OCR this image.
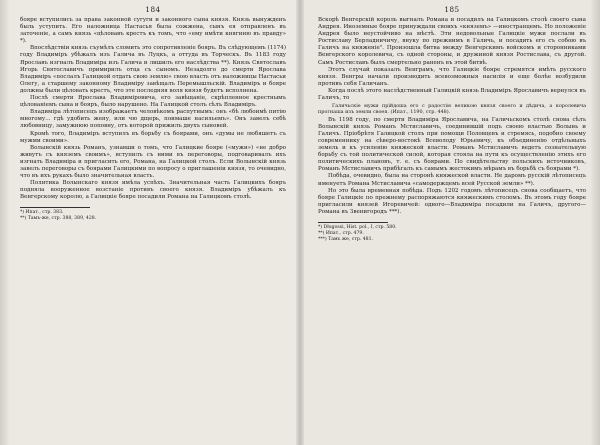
184

бояре вступились за права законной сугуги и законного сына князя. Князь вынужденъ быль уступить. Его наложница Настасья была сожжена, сынъ ея отправленъ въ заточеніе, а самъ князь «цѣловавъ крестъ къ томъ, что «ему имѣти княгиню въ правду» *).

Впослѣдствіи князь съумѣлъ сломить это сопротивленіе бояръ. Въ слѣдующемъ (1174) году Владиміръ убѣжалъ изъ Галича въ Луцкъ, а оттуда въ Торческъ. Въ 1183 году Ярославъ изгналъ Владиміра изъ Галича и лишилъ его наслѣдства **). Князь Святославъ Игорь Святославичъ примирилъ отца съ сыномъ. Незадолго до смерти Ярослава Владиміръ «послалъ Галицкой отдать свою землю» свою власть отъ наложницы Настасьи Олегу, а старшему законному Владиміру завѣщалъ Перемышльскій. Владиміръ и бояре должны были цѣловать крестъ, что эте последняя воля князя будетъ исполнена.

Послѣ смерти Ярослава Владиміровича, его завѣщаніе, скрѣпленное крестнымъ цѣлованіемъ сына и бояръ, было нарушено. На Галицкой столъ сѣлъ Владиміръ.

Владиміра лѣтописецъ изображаетъ человѣкомъ распутнымъ: онъ «бѣ любоимѣ питію многому... гдѣ удобить жену, или чю дщерь, поимаше насильемъ». Онъ завелъ себѣ любовницу, замужнюю поповну, отъ которой прижилъ двухъ сыновей.

Кромѣ того, Владиміръ вступилъ въ борьбу съ боярами, онъ «думы не любяшетъ съ мужми своими».

Волынскій князь Романъ, узнавши о томъ, что Галицкие бояре («мужи») «не добро живутъ съ княземъ своимъ», вступилъ съ ними въ переговоры, подговаривалъ ихъ изгнать Владиміра и пригласить его, Романа, на Галицкой столъ. Если Волынскій князь завелъ переговоры съ боярами Галицкими по вопросу о приглашеніи князя, то очевидно, что въ ихъ рукахъ было значительная власть.

Политика Волынскаго князя имѣла успѣхъ. Значительная часть Галицкихъ бояръ подняла вооруженное возстаніе противъ своего князя. Владиміръ убѣжалъ къ Венгерскому королю, а Галицкіе бояре посадили Романа на Галицкомъ столѣ.

*) Ипат., стр. 383.
**) Тамъ-же, стр. 388, 389, 428.
185

Вскорѣ Венгерскій король выгналъ Романа и посадилъ на Галицкомъ столѣ своего сына Андрея. Иноземные бояре принуждали своихъ «княземъ» —иностранцемъ. Но положеніе Андрея было неустойчиво на мѣстѣ. Эти недовольные Галицкіе мужи послали въ Ростиславу Берладничичу, внуку по прежнимъ в Галичь, и посадить его съ собою въ Галичъ на княженіе". Произошла битва между Венгерскимъ войскомъ и сторонниками Венгерского королевича, съ одной стороны, и дружиной князя Ростислава, съ другой. Самъ Ростиславъ былъ смертельно раненъ въ этой битвѣ.

Этотъ случай показалъ Венграмъ, что Галицкіе бояре стремятся имѣть русского князя. Венгры начали производить всевозможныя насилія и еще болѣе возбудили противъ себя Галичанъ.

Когда послѣ этого наслѣдственный Галицкій князь Владиміръ Ярославичъ вернулся въ Галичъ, то

Галичьскіе мужи прійдоша его с радостію великою князя своего и дѣдича, а королевича прогнаша изъ земли своея. (Ипат., 1190, стр. 448).

Въ 1198 году, по смерти Владиміра Ярославича, на Галичьскомъ столѣ снова сѣлъ Волынскій князь Романъ Мстиславичъ, соединившій подъ своею властью Волынь и Галичъ. Пріобрѣтя Галицкой столъ при помощи Половцевъ и стремясь, подобно своему современнику на сѣверо-востокѣ Всеволоду Юрьевичу, къ объединенію отдѣльныхъ земель и къ усиленію княжеской власти. Романъ Мстиславичъ ведетъ сознательную борьбу съ той политической силой, которая стояла на пути къ осуществленію этихъ его политическихъ плановъ, т. е. съ боярами. По свидѣтельству польскихъ источниковъ, Романъ Мстиславичъ прибѣгалъ къ самымъ жестокимъ мѣрамъ въ борьбѣ съ боярами *).

Побѣда, очевидно, была на сторонѣ княжеской власти. Не даромъ русскій лѣтописецъ именуетъ Романа Мстиславича «самодержцемъ всей Русской земли» **).

Но это была временная побѣда. Подъ 1202 годомъ лѣтописецъ снова сообщаетъ, что бояре Галицкіе по прежнему распоряжаются княжескимъ столомъ. Въ этомъ году бояре пригласили князей Игоревичей: одного—Владиміра посадили на Галичъ, другого—Романа въ Звенигородъ ***).

*) Długossi, Hist. pol., I, стр. 580.
**) Ипат., стр. 479.
***) Тамъ же, стр. 481.
